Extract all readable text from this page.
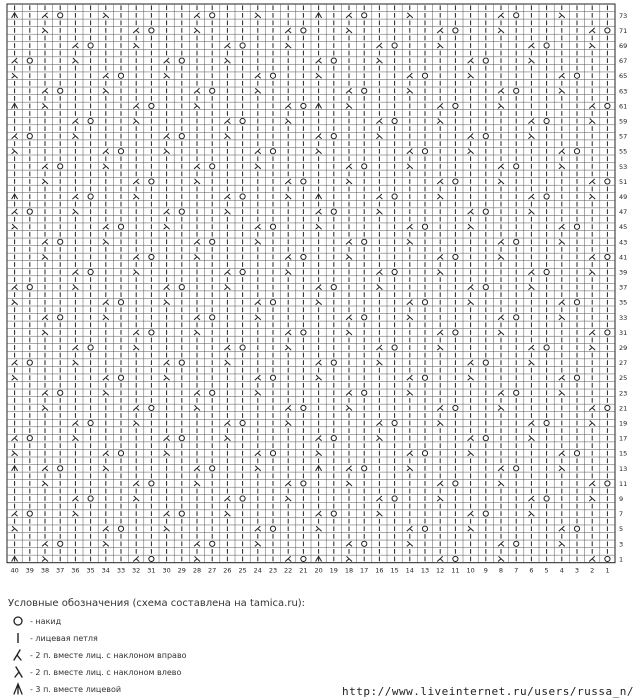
73
71
69
67
65
63
61
59
57
55
53
51
49
47
45
43
41
39
37
35
33
31
29
27
25
23
21
19
17
15
13
11
9
7
5
3
1
40 39 38 37 36 35 34 33 32 31 30 29 28 27 26 25 24 23 22 21 20 19 18 17 16 15 14 13 12 11 10 9 8 7 6 5 4 3 2 1
Условные обозначения (схема составлена на tamica.ru):
- накид
- лицевая петля
- 2 п. вместе лиц. с наклоном вправо
- 2 п. вместе лиц. с наклоном влево
- 3 п. вместе лицевой	http://www.liveinternet.ru/users/russa_n/
